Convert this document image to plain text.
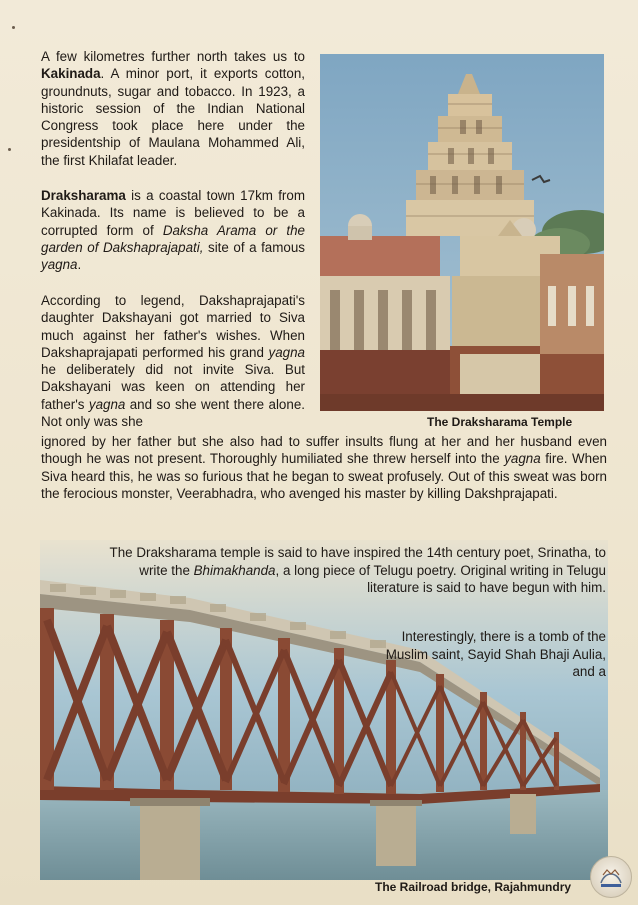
A few kilometres further north takes us to Kakinada. A minor port, it exports cotton, groundnuts, sugar and tobacco. In 1923, a historic session of the Indian National Congress took place here under the presidentship of Maulana Mohammed Ali, the first Khilafat leader.

Draksharama is a coastal town 17km from Kakinada. Its name is believed to be a corrupted form of Daksha Arama or the garden of Dakshaprajapati, site of a famous yagna.

According to legend, Dakshaprajapati's daughter Dakshayani got married to Siva much against her father's wishes. When Dakshaprajapati performed his grand yagna he deliberately did not invite Siva. But Dakshayani was keen on attending her father's yagna and so she went there alone. Not only was she

ignored by her father but she also had to suffer insults flung at her and her husband even though he was not present. Thoroughly humiliated she threw herself into the yagna fire. When Siva heard this, he was so furious that he began to sweat profusely. Out of this sweat was born the ferocious monster, Veerabhadra, who avenged his master by killing Dakshprajapati.

The Draksharama Temple

The Draksharama temple is said to have inspired the 14th century poet, Srinatha, to write the Bhimakhanda, a long piece of Telugu poetry. Original writing in Telugu literature is said to have begun with him.

Interestingly, there is a tomb of the Muslim saint, Sayid Shah Bhaji Aulia, and a

The Railroad bridge, Rajahmundry
